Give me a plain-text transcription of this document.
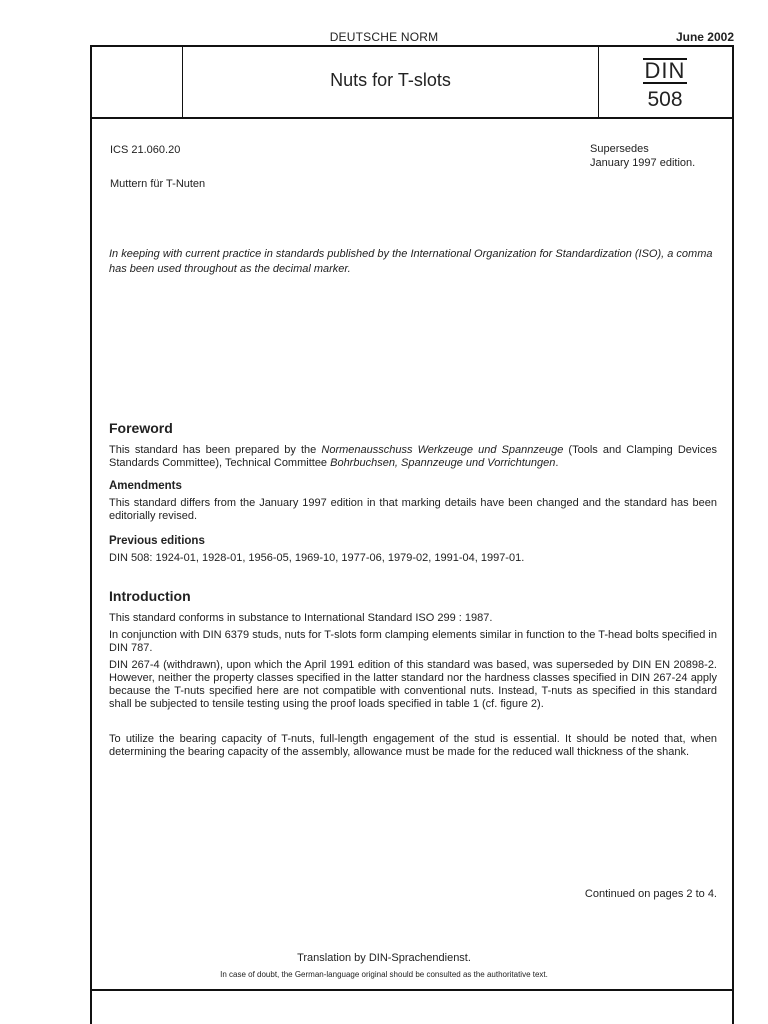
DEUTSCHE NORM	June 2002
Nuts for T-slots	DIN
508
ICS 21.060.20	Supersedes
January 1997 edition.
Muttern für T-Nuten
In keeping with current practice in standards published by the International Organization for Standardization (ISO), a comma has been used throughout as the decimal marker.
Foreword
This standard has been prepared by the Normenausschuss Werkzeuge und Spannzeuge (Tools and Clamping Devices Standards Committee), Technical Committee Bohrbuchsen, Spannzeuge und Vorrichtungen.
Amendments
This standard differs from the January 1997 edition in that marking details have been changed and the standard has been editorially revised.
Previous editions
DIN 508: 1924-01, 1928-01, 1956-05, 1969-10, 1977-06, 1979-02, 1991-04, 1997-01.
Introduction
This standard conforms in substance to International Standard ISO 299 : 1987.
In conjunction with DIN 6379 studs, nuts for T-slots form clamping elements similar in function to the T-head bolts specified in DIN 787.
DIN 267-4 (withdrawn), upon which the April 1991 edition of this standard was based, was superseded by DIN EN 20898-2. However, neither the property classes specified in the latter standard nor the hardness classes specified in DIN 267-24 apply because the T-nuts specified here are not compatible with conventional nuts. Instead, T-nuts as specified in this standard shall be subjected to tensile testing using the proof loads specified in table 1 (cf. figure 2).
To utilize the bearing capacity of T-nuts, full-length engagement of the stud is essential. It should be noted that, when determining the bearing capacity of the assembly, allowance must be made for the reduced wall thickness of the shank.
Continued on pages 2 to 4.
Translation by DIN-Sprachendienst.
In case of doubt, the German-language original should be consulted as the authoritative text.
